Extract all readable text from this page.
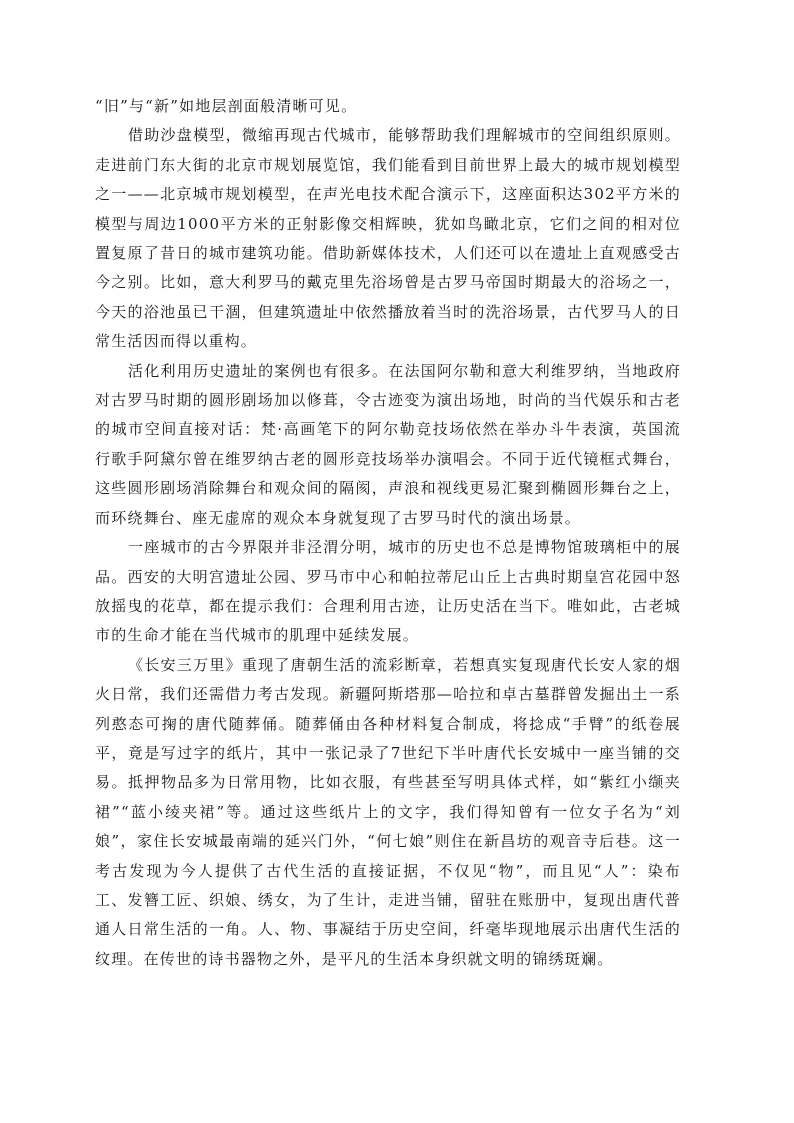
“旧”与“新”如地层剖面般清晰可见。

借助沙盘模型，微缩再现古代城市，能够帮助我们理解城市的空间组织原则。走进前门东大街的北京市规划展览馆，我们能看到目前世界上最大的城市规划模型之一——北京城市规划模型，在声光电技术配合演示下，这座面积达302平方米的模型与周边1000平方米的正射影像交相辉映，犹如鸟瞰北京，它们之间的相对位置复原了昔日的城市建筑功能。借助新媒体技术，人们还可以在遗址上直观感受古今之别。比如，意大利罗马的戴克里先浴场曾是古罗马帝国时期最大的浴场之一，今天的浴池虽已干涸，但建筑遗址中依然播放着当时的洗浴场景，古代罗马人的日常生活因而得以重构。

活化利用历史遗址的案例也有很多。在法国阿尔勒和意大利维罗纳，当地政府对古罗马时期的圆形剧场加以修葺，令古迹变为演出场地，时尚的当代娱乐和古老的城市空间直接对话：梵·高画笔下的阿尔勒竞技场依然在举办斗牛表演，英国流行歌手阿黛尔曾在维罗纳古老的圆形竞技场举办演唱会。不同于近代镜框式舞台，这些圆形剧场消除舞台和观众间的隔阂，声浪和视线更易汇聚到椭圆形舞台之上，而环绕舞台、座无虚席的观众本身就复现了古罗马时代的演出场景。

一座城市的古今界限并非泾渭分明，城市的历史也不总是博物馆玻璃柜中的展品。西安的大明宫遗址公园、罗马市中心和帕拉蒂尼山丘上古典时期皇宫花园中怒放摇曳的花草，都在提示我们：合理利用古迹，让历史活在当下。唯如此，古老城市的生命才能在当代城市的肌理中延续发展。

《长安三万里》重现了唐朝生活的流彩断章，若想真实复现唐代长安人家的烟火日常，我们还需借力考古发现。新疆阿斯塔那—哈拉和卓古墓群曾发掘出土一系列憨态可掬的唐代随葬俑。随葬俑由各种材料复合制成，将捻成“手臂”的纸卷展平，竟是写过字的纸片，其中一张记录了7世纪下半叶唐代长安城中一座当铺的交易。抵押物品多为日常用物，比如衣服，有些甚至写明具体式样，如“紫红小缬夹裙”“蓝小绫夹裙”等。通过这些纸片上的文字，我们得知曾有一位女子名为“刘娘”，家住长安城最南端的延兴门外，“何七娘”则住在新昌坊的观音寺后巷。这一考古发现为今人提供了古代生活的直接证据，不仅见“物”，而且见“人”：染布工、发簪工匠、织娘、绣女，为了生计，走进当铺，留驻在账册中，复现出唐代普通人日常生活的一角。人、物、事凝结于历史空间，纤毫毕现地展示出唐代生活的纹理。在传世的诗书器物之外，是平凡的生活本身织就文明的锦绣斑斓。
